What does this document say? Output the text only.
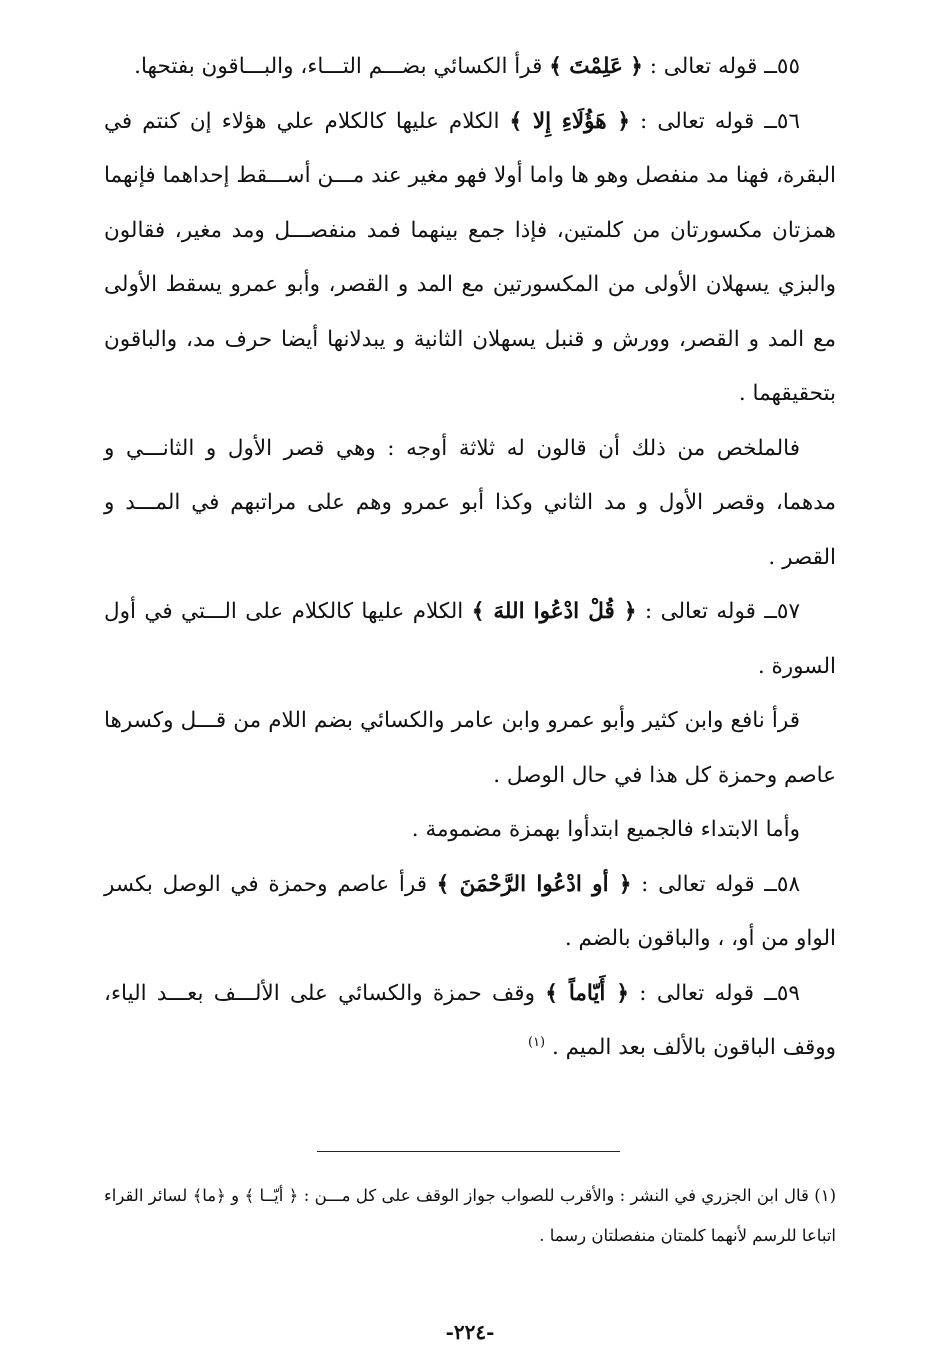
٥٥ــ قوله تعالى : ﴿ عَلِمْتَ ﴾ قرأ الكسائي بضـــم التـــاء، والبـــاقون بفتحها.

٥٦ــ قوله تعالى : ﴿ هَؤُلَاءِ إِلا ﴾ الكلام عليها كالكلام علي هؤلاء إن كنتم في البقرة، فهنا مد منفصل وهو ها واما أولا فهو مغير عند مـــن أســـقط إحداهما فإنهما همزتان مكسورتان من كلمتين، فإذا جمع بينهما فمد منفصـــل ومد مغير، فقالون والبزي يسهلان الأولى من المكسورتين مع المد و القصر، وأبو عمرو يسقط الأولى مع المد و القصر، وورش و قنبل يسهلان الثانية و يبدلانها أيضا حرف مد، والباقون بتحقيقهما .

فالملخص من ذلك أن قالون له ثلاثة أوجه : وهي قصر الأول و الثانـــي و مدهما، وقصر الأول و مد الثاني وكذا أبو عمرو وهم على مراتبهم في المـــد و القصر .

٥٧ــ قوله تعالى : ﴿ قُلْ ادْعُوا اللهَ ﴾ الكلام عليها كالكلام على الـــتي في أول السورة .

قرأ نافع وابن كثير وأبو عمرو وابن عامر والكسائي بضم اللام من قـــل وكسرها عاصم وحمزة كل هذا في حال الوصل .

وأما الابتداء فالجميع ابتدأوا بهمزة مضمومة .

٥٨ــ قوله تعالى : ﴿ أو ادْعُوا الرَّحْمَنَ ﴾ قرأ عاصم وحمزة في الوصل بكسر الواو من أو، ، والباقون بالضم .

٥٩ــ قوله تعالى : ﴿ أَيّاماً ﴾ وقف حمزة والكسائي على الألـــف بعـــد الياء، ووقف الباقون بالألف بعد الميم . $^{(١)}$

(١) قال ابن الجزري في النشر : والأقرب للصواب جواز الوقف على كل مـــن : ﴿ أيّــا ﴾ و ﴿ما﴾ لسائر القراء اتباعا للرسم لأنهما كلمتان منفصلتان رسما .

-٢٢٤-
